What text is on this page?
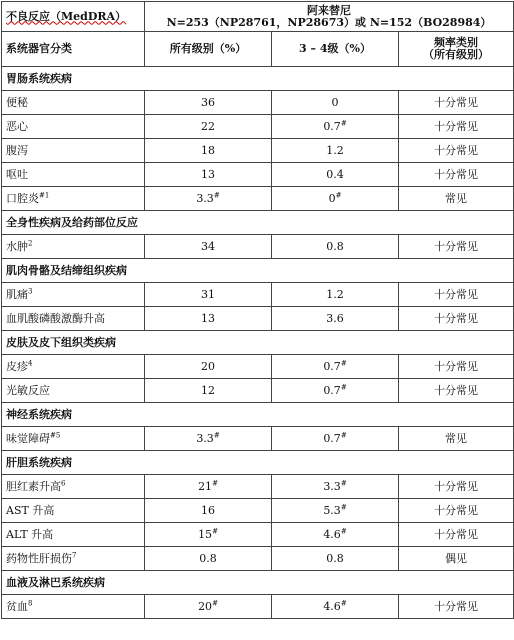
不良反应（MedDRA）	阿来替尼
N=253（NP28761，NP28673）或 N=152（BO28984）		

系统器官分类	所有级别（%）	3 – 4级（%）	频率类别
（所有级别）

胃肠系统疾病			
便秘	36	0	十分常见
恶心	22	0.7#	十分常见
腹泻	18	1.2	十分常见
呕吐	13	0.4	十分常见
口腔炎$^{\#1}$	3.3#	0#	常见
全身性疾病及给药部位反应			
水肿$^2$	34	0.8	十分常见
肌肉骨骼及结缔组织疾病			
肌痛$^3$	31	1.2	十分常见
血肌酸磷酸激酶升高	13	3.6	十分常见
皮肤及皮下组织类疾病			
皮疹$^4$	20	0.7#	十分常见
光敏反应	12	0.7#	十分常见
神经系统疾病			
味觉障碍$^{\#5}$	3.3#	0.7#	常见
肝胆系统疾病			
胆红素升高$^6$	21#	3.3#	十分常见
AST 升高	16	5.3#	十分常见
ALT 升高	15#	4.6#	十分常见
药物性肝损伤$^7$	0.8	0.8	偶见
血液及淋巴系统疾病			
贫血$^8$	20#	4.6#	十分常见
